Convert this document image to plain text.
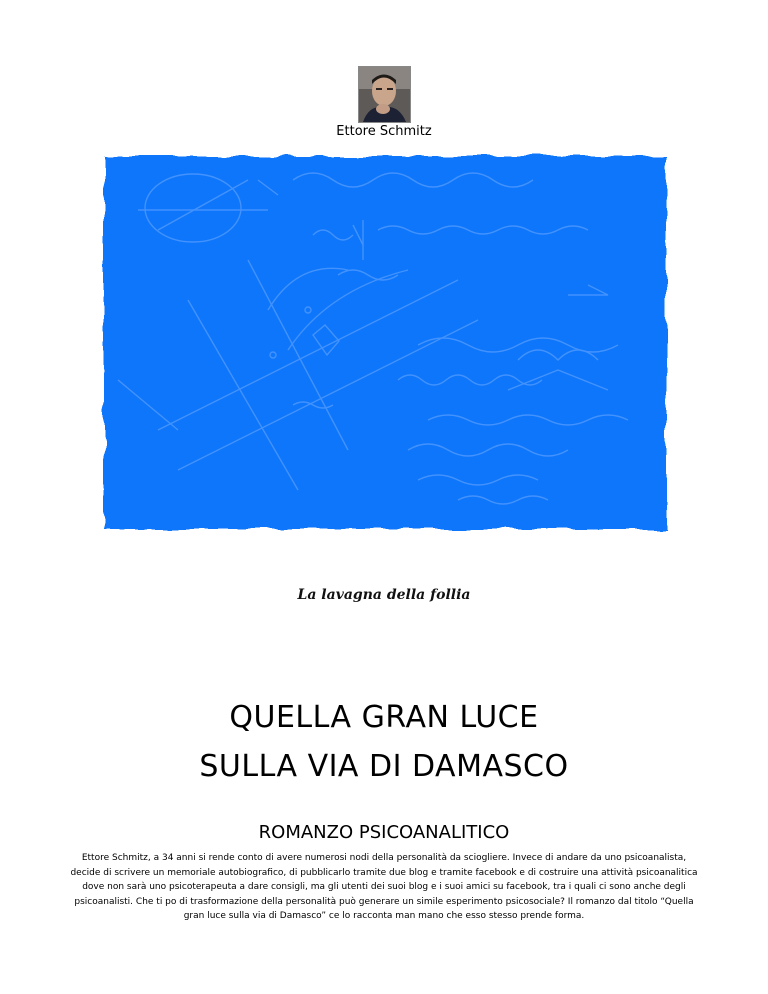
Ettore Schmitz
La lavagna della follia
QUELLA GRAN LUCE
SULLA VIA DI DAMASCO
ROMANZO PSICOANALITICO
Ettore Schmitz, a 34 anni si rende conto di avere numerosi nodi della personalità da sciogliere. Invece di andare da uno psicoanalista, decide di scrivere un memoriale autobiografico, di pubblicarlo tramite due blog e tramite facebook e di costruire una attività psicoanalitica dove non sarà uno psicoterapeuta a dare consigli, ma gli utenti dei suoi blog e i suoi amici su facebook, tra i quali ci sono anche degli psicoanalisti. Che ti po di trasformazione della personalità può generare un simile esperimento psicosociale? Il romanzo dal titolo “Quella gran luce sulla via di Damasco” ce lo racconta man mano che esso stesso prende forma.
